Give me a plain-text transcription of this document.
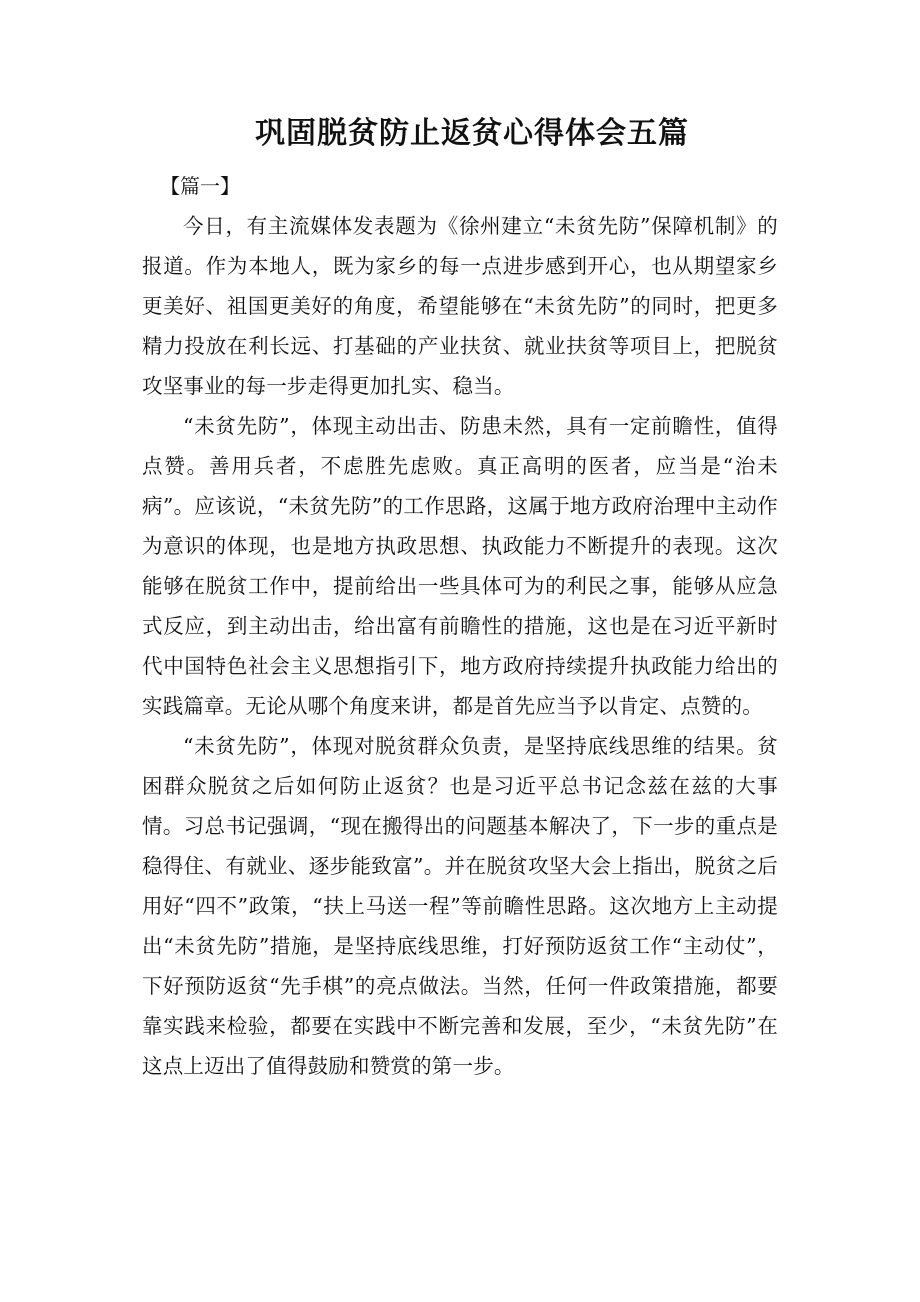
巩固脱贫防止返贫心得体会五篇
【篇一】

今日，有主流媒体发表题为《徐州建立“未贫先防”保障机制》的报道。作为本地人，既为家乡的每一点进步感到开心，也从期望家乡更美好、祖国更美好的角度，希望能够在“未贫先防”的同时，把更多精力投放在利长远、打基础的产业扶贫、就业扶贫等项目上，把脱贫攻坚事业的每一步走得更加扎实、稳当。

“未贫先防”，体现主动出击、防患未然，具有一定前瞻性，值得点赞。善用兵者，不虑胜先虑败。真正高明的医者，应当是“治未病”。应该说，“未贫先防”的工作思路，这属于地方政府治理中主动作为意识的体现，也是地方执政思想、执政能力不断提升的表现。这次能够在脱贫工作中，提前给出一些具体可为的利民之事，能够从应急式反应，到主动出击，给出富有前瞻性的措施，这也是在习近平新时代中国特色社会主义思想指引下，地方政府持续提升执政能力给出的实践篇章。无论从哪个角度来讲，都是首先应当予以肯定、点赞的。

“未贫先防”，体现对脱贫群众负责，是坚持底线思维的结果。贫困群众脱贫之后如何防止返贫？也是习近平总书记念兹在兹的大事情。习总书记强调，“现在搬得出的问题基本解决了，下一步的重点是稳得住、有就业、逐步能致富”。并在脱贫攻坚大会上指出，脱贫之后用好“四不”政策，“扶上马送一程”等前瞻性思路。这次地方上主动提出“未贫先防”措施，是坚持底线思维，打好预防返贫工作“主动仗”，下好预防返贫“先手棋”的亮点做法。当然，任何一件政策措施，都要靠实践来检验，都要在实践中不断完善和发展，至少，“未贫先防”在这点上迈出了值得鼓励和赞赏的第一步。
